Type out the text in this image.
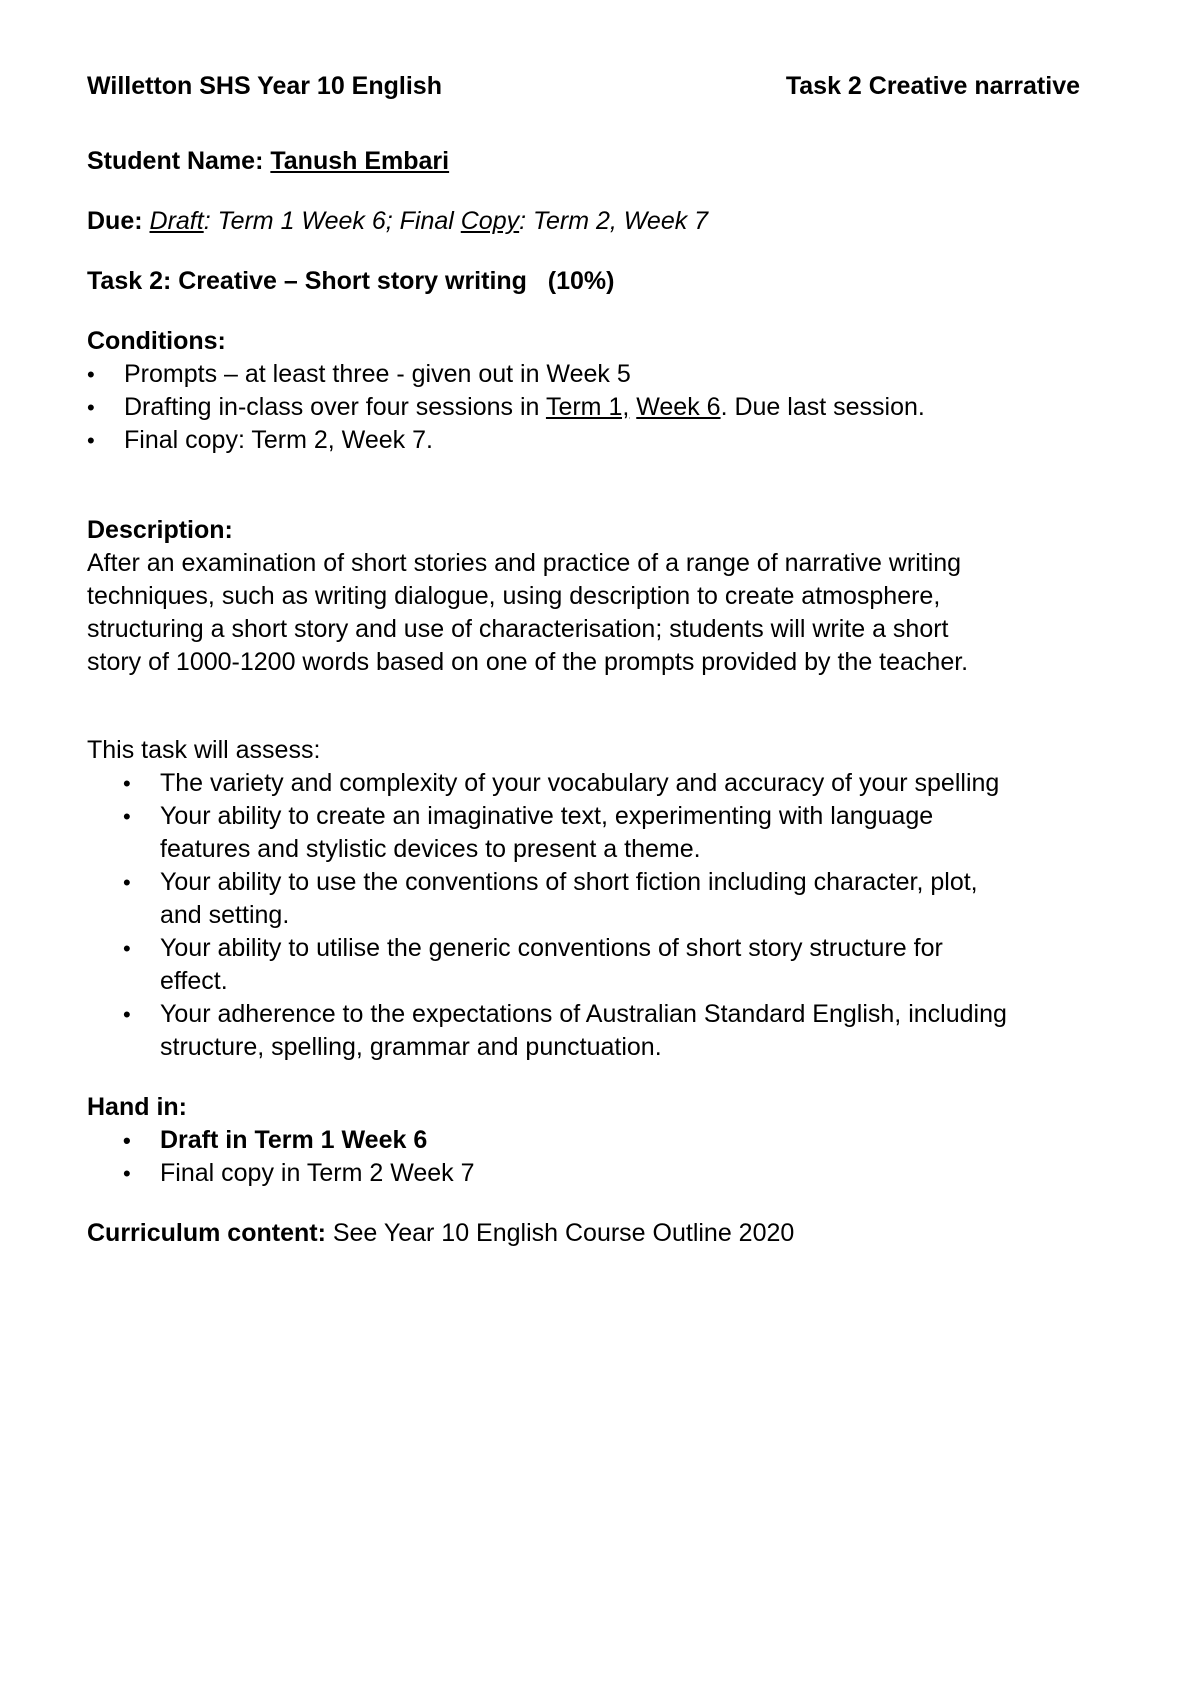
Willetton SHS Year 10 English	Task 2 Creative narrative

Student Name: Tanush Embari

Due: Draft: Term 1 Week 6; Final Copy: Term 2, Week 7

Task 2: Creative – Short story writing   (10%)

Conditions:

• Prompts – at least three - given out in Week 5
• Drafting in-class over four sessions in Term 1, Week 6. Due last session.
• Final copy: Term 2, Week 7.

Description:

After an examination of short stories and practice of a range of narrative writing
techniques, such as writing dialogue, using description to create atmosphere,
structuring a short story and use of characterisation; students will write a short
story of 1000-1200 words based on one of the prompts provided by the teacher.

This task will assess:

• The variety and complexity of your vocabulary and accuracy of your spelling
• Your ability to create an imaginative text, experimenting with language
features and stylistic devices to present a theme.
• Your ability to use the conventions of short fiction including character, plot,
and setting.
• Your ability to utilise the generic conventions of short story structure for
effect.
• Your adherence to the expectations of Australian Standard English, including
structure, spelling, grammar and punctuation.

Hand in:

• Draft in Term 1 Week 6
• Final copy in Term 2 Week 7

Curriculum content: See Year 10 English Course Outline 2020
